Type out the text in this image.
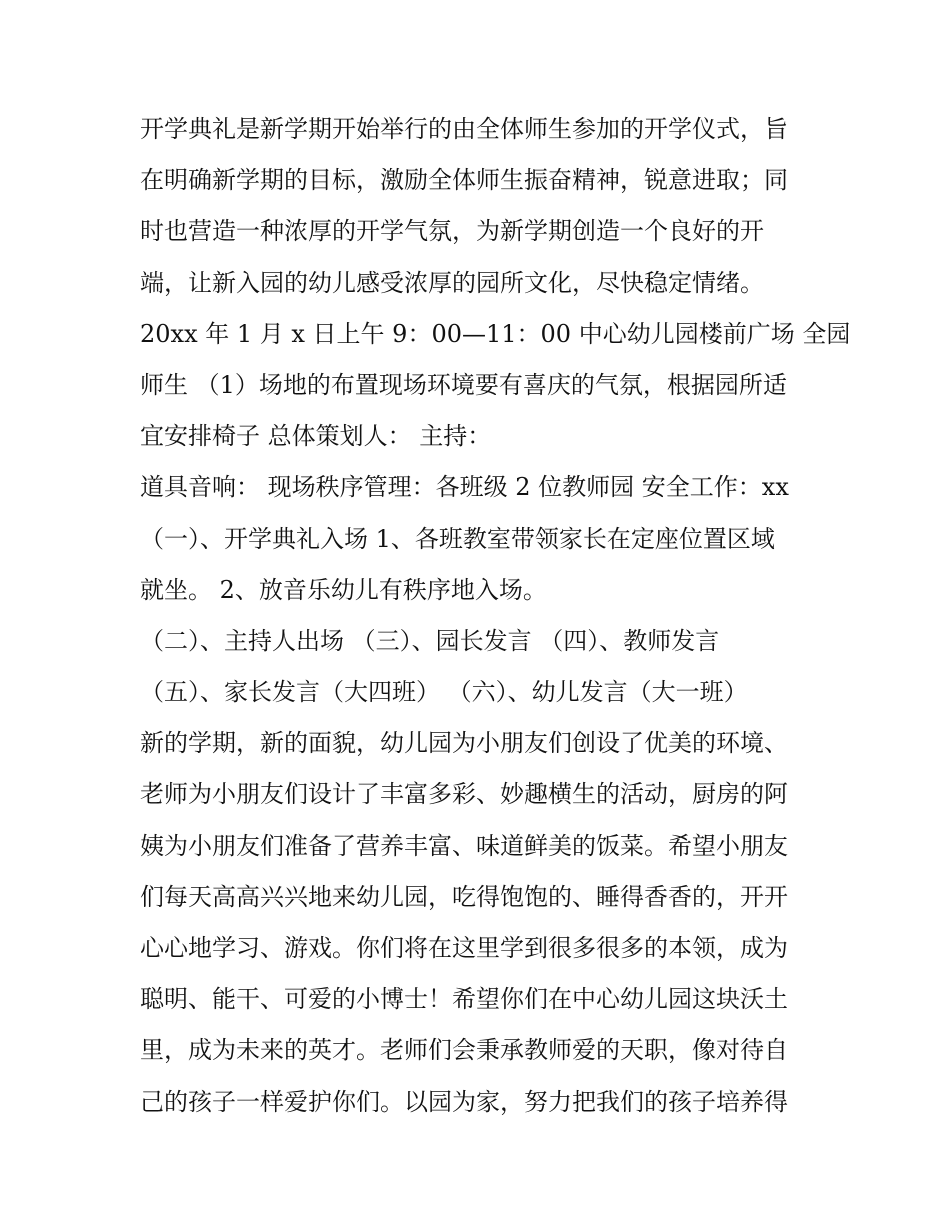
开学典礼是新学期开始举行的由全体师生参加的开学仪式，旨
在明确新学期的目标，激励全体师生振奋精神，锐意进取；同
时也营造一种浓厚的开学气氛，为新学期创造一个良好的开
端，让新入园的幼儿感受浓厚的园所文化，尽快稳定情绪。
20xx 年 1 月 x 日上午 9：00—11：00 中心幼儿园楼前广场 全园
师生 （1）场地的布置现场环境要有喜庆的气氛，根据园所适
宜安排椅子 总体策划人： 主持：
道具音响： 现场秩序管理：各班级 2 位教师园 安全工作：xx
（一）、开学典礼入场 1、各班教室带领家长在定座位置区域
就坐。 2、放音乐幼儿有秩序地入场。
（二）、主持人出场 （三）、园长发言 （四）、教师发言
（五）、家长发言（大四班） （六）、幼儿发言（大一班）
新的学期，新的面貌，幼儿园为小朋友们创设了优美的环境、
老师为小朋友们设计了丰富多彩、妙趣横生的活动，厨房的阿
姨为小朋友们准备了营养丰富、味道鲜美的饭菜。希望小朋友
们每天高高兴兴地来幼儿园，吃得饱饱的、睡得香香的，开开
心心地学习、游戏。你们将在这里学到很多很多的本领，成为
聪明、能干、可爱的小博士！希望你们在中心幼儿园这块沃土
里，成为未来的英才。老师们会秉承教师爱的天职，像对待自
己的孩子一样爱护你们。以园为家，努力把我们的孩子培养得
